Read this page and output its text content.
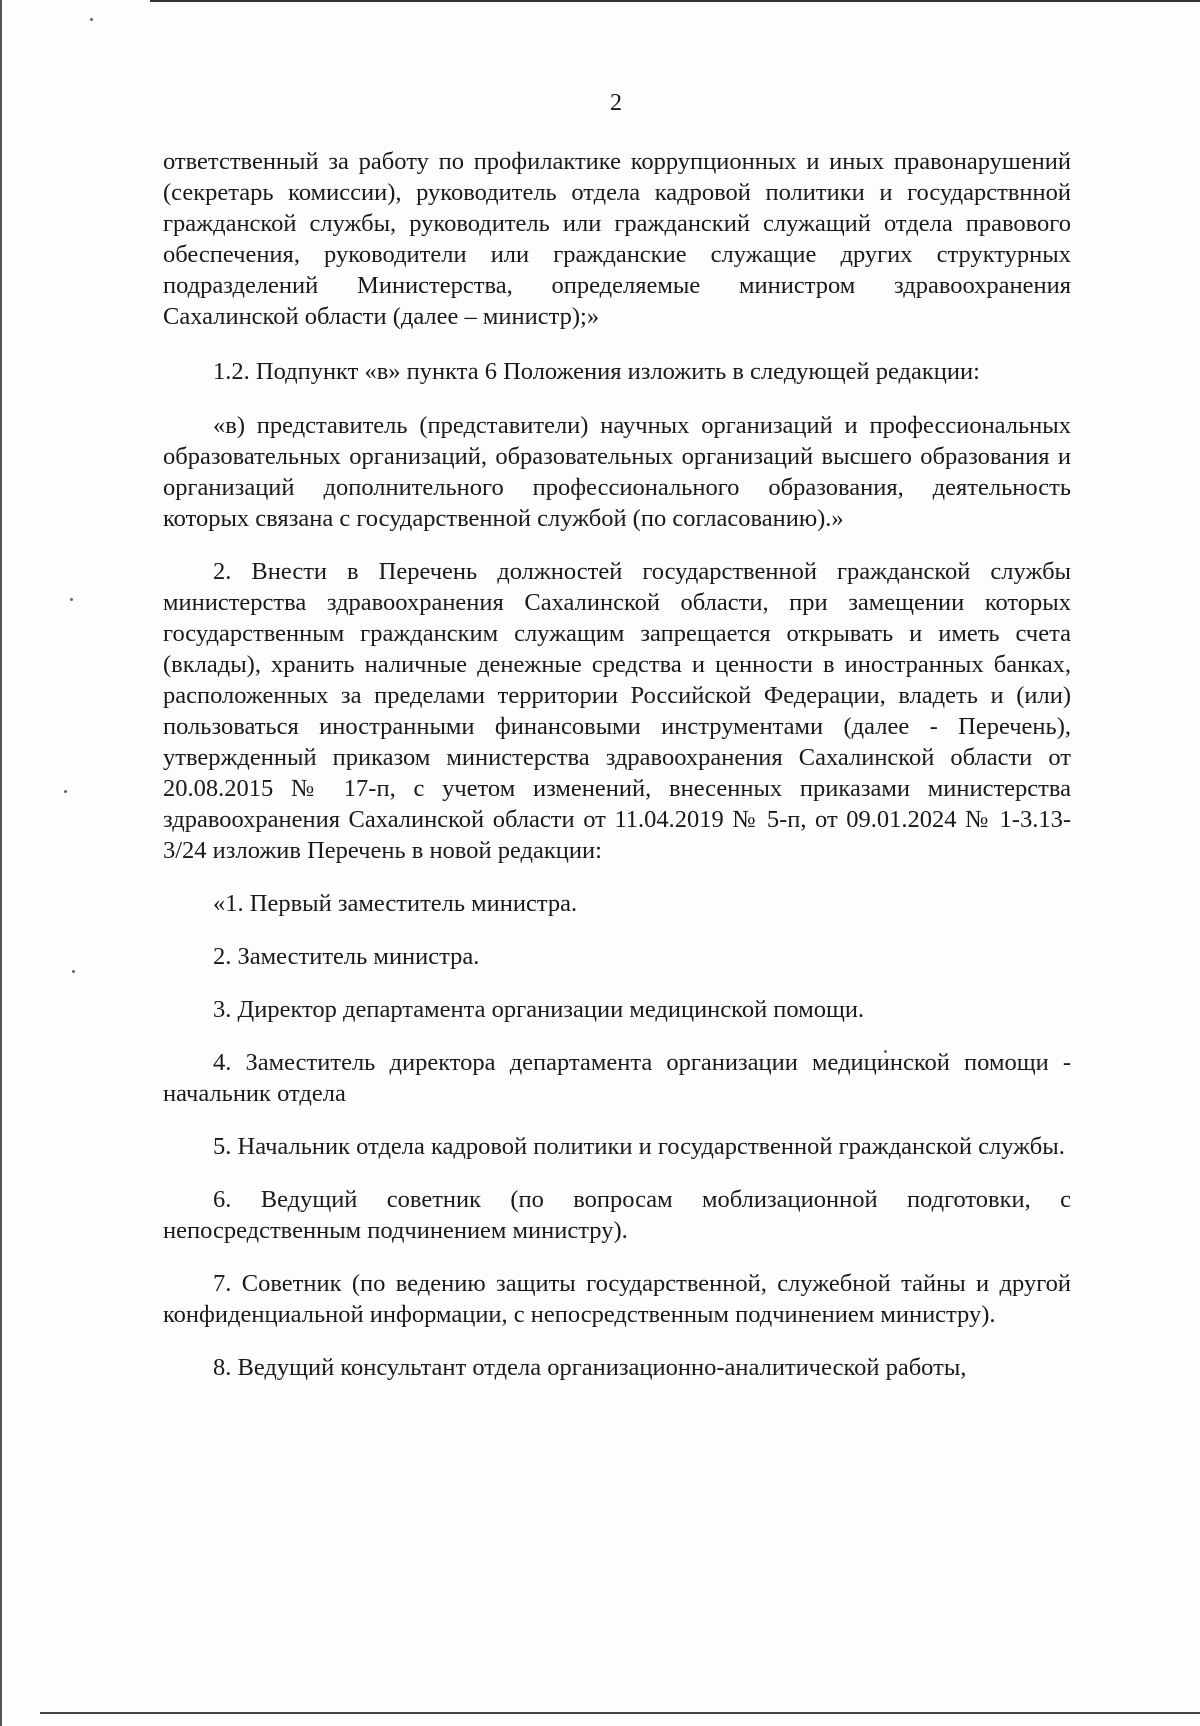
2

ответственный за работу по профилактике коррупционных и иных правонарушений (секретарь комиссии), руководитель отдела кадровой политики и государствнной гражданской службы, руководитель или гражданский служащий отдела правового обеспечения, руководители или гражданские служащие других структурных подразделений Министерства, определяемые министром здравоохранения Сахалинской области (далее – министр);»

1.2. Подпункт «в» пункта 6 Положения изложить в следующей редакции:

«в) представитель (представители) научных организаций и профессиональных образовательных организаций, образовательных организаций высшего образования и организаций дополнительного профессионального образования, деятельность которых связана с государственной службой (по согласованию).»

2. Внести в Перечень должностей государственной гражданской службы министерства здравоохранения Сахалинской области, при замещении которых государственным гражданским служащим запрещается открывать и иметь счета (вклады), хранить наличные денежные средства и ценности в иностранных банках, расположенных за пределами территории Российской Федерации, владеть и (или) пользоваться иностранными финансовыми инструментами (далее - Перечень), утвержденный приказом министерства здравоохранения Сахалинской области от 20.08.2015 № 17-п, с учетом изменений, внесенных приказами министерства здравоохранения Сахалинской области от 11.04.2019 № 5-п, от 09.01.2024 № 1-3.13-3/24 изложив Перечень в новой редакции:

«1. Первый заместитель министра.

2. Заместитель министра.

3. Директор департамента организации медицинской помощи.

4. Заместитель директора департамента организации медицинской помощи - начальник отдела

5. Начальник отдела кадровой политики и государственной гражданской службы.

6. Ведущий советник (по вопросам моблизационной подготовки, с непосредственным подчинением министру).

7. Советник (по ведению защиты государственной, служебной тайны и другой конфиденциальной информации, с непосредственным подчинением министру).

8. Ведущий консультант отдела организационно-аналитической работы,
